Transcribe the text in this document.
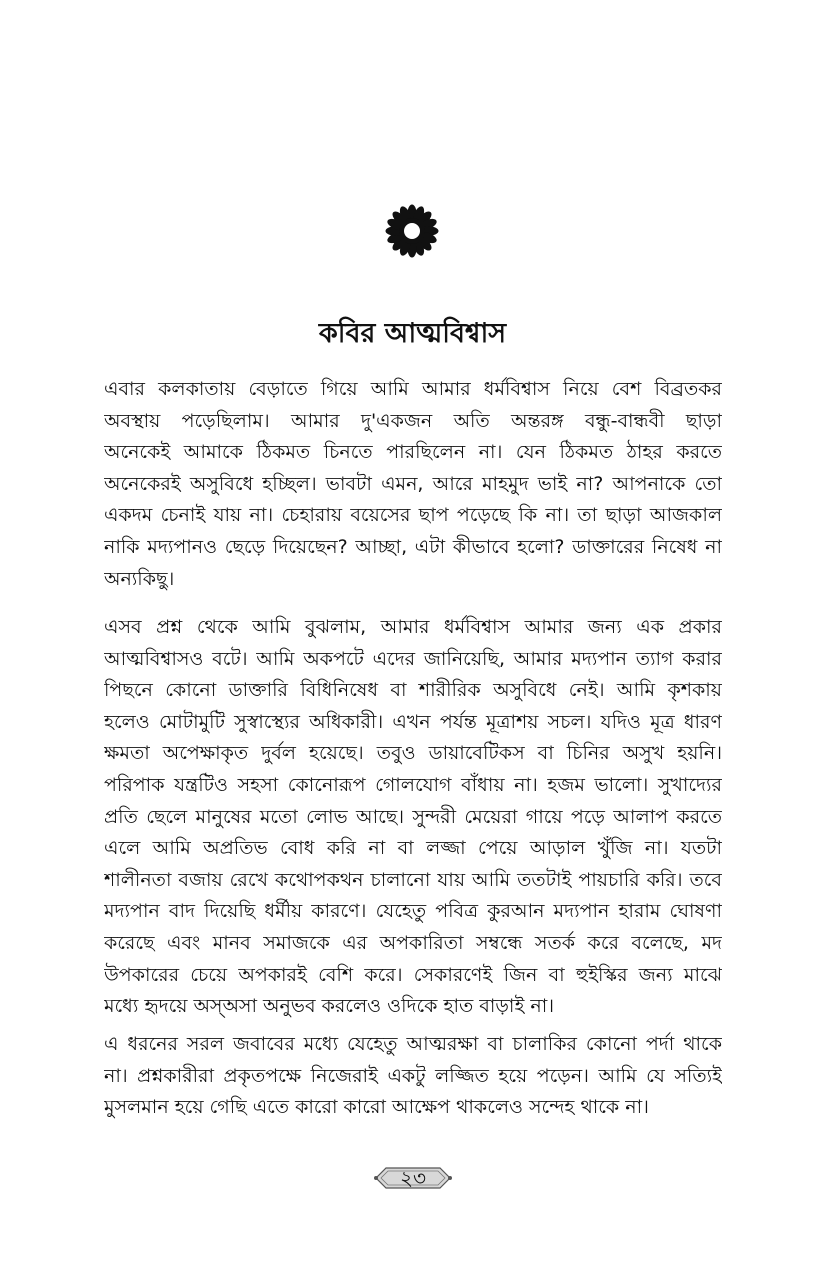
কবির আত্মবিশ্বাস
এবার কলকাতায় বেড়াতে গিয়ে আমি আমার ধর্মবিশ্বাস নিয়ে বেশ বিব্রতকর
অবস্থায় পড়েছিলাম। আমার দু'একজন অতি অন্তরঙ্গ বন্ধু-বান্ধবী ছাড়া
অনেকেই আমাকে ঠিকমত চিনতে পারছিলেন না। যেন ঠিকমত ঠাহর করতে
অনেকেরই অসুবিধে হচ্ছিল। ভাবটা এমন, আরে মাহমুদ ভাই না? আপনাকে তো
একদম চেনাই যায় না। চেহারায় বয়েসের ছাপ পড়েছে কি না। তা ছাড়া আজকাল
নাকি মদ্যপানও ছেড়ে দিয়েছেন? আচ্ছা, এটা কীভাবে হলো? ডাক্তারের নিষেধ না
অন্যকিছু।
এসব প্রশ্ন থেকে আমি বুঝলাম, আমার ধর্মবিশ্বাস আমার জন্য এক প্রকার
আত্মবিশ্বাসও বটে। আমি অকপটে এদের জানিয়েছি, আমার মদ্যপান ত্যাগ করার
পিছনে কোনো ডাক্তারি বিধিনিষেধ বা শারীরিক অসুবিধে নেই। আমি কৃশকায়
হলেও মোটামুটি সুস্বাস্থ্যের অধিকারী। এখন পর্যন্ত মূত্রাশয় সচল। যদিও মূত্র ধারণ
ক্ষমতা অপেক্ষাকৃত দুর্বল হয়েছে। তবুও ডায়াবেটিকস বা চিনির অসুখ হয়নি।
পরিপাক যন্ত্রটিও সহসা কোনোরূপ গোলযোগ বাঁধায় না। হজম ভালো। সুখাদ্যের
প্রতি ছেলে মানুষের মতো লোভ আছে। সুন্দরী মেয়েরা গায়ে পড়ে আলাপ করতে
এলে আমি অপ্রতিভ বোধ করি না বা লজ্জা পেয়ে আড়াল খুঁজি না। যতটা
শালীনতা বজায় রেখে কথোপকথন চালানো যায় আমি ততটাই পায়চারি করি। তবে
মদ্যপান বাদ দিয়েছি ধর্মীয় কারণে। যেহেতু পবিত্র কুরআন মদ্যপান হারাম ঘোষণা
করেছে এবং মানব সমাজকে এর অপকারিতা সম্বন্ধে সতর্ক করে বলেছে, মদ
উপকারের চেয়ে অপকারই বেশি করে। সেকারণেই জিন বা হুইস্কির জন্য মাঝে
মধ্যে হৃদয়ে অস্অসা অনুভব করলেও ওদিকে হাত বাড়াই না।
এ ধরনের সরল জবাবের মধ্যে যেহেতু আত্মরক্ষা বা চালাকির কোনো পর্দা থাকে
না। প্রশ্নকারীরা প্রকৃতপক্ষে নিজেরাই একটু লজ্জিত হয়ে পড়েন। আমি যে সত্যিই
মুসলমান হয়ে গেছি এতে কারো কারো আক্ষেপ থাকলেও সন্দেহ থাকে না।
২৩
